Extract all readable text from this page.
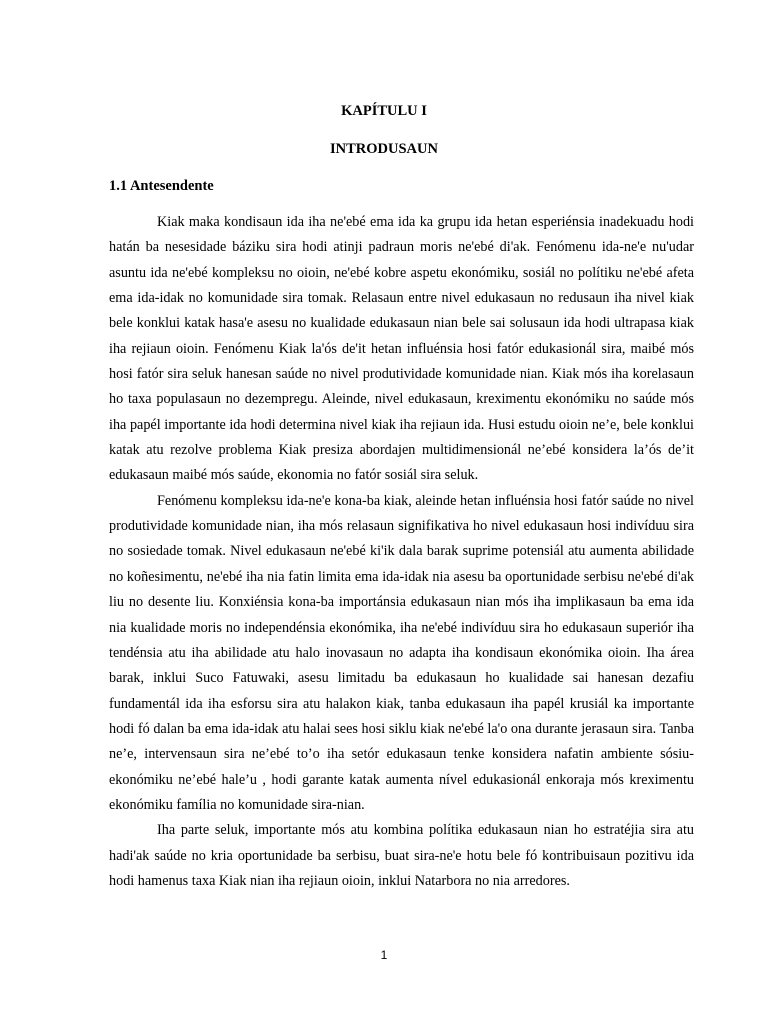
KAPÍTULU I
INTRODUSAUN
1.1 Antesendente

Kiak maka kondisaun ida iha ne'ebé ema ida ka grupu ida hetan esperiénsia inadekuadu hodi hatán ba nesesidade báziku sira hodi atinji padraun moris ne'ebé di'ak. Fenómenu ida-ne'e nu'udar asuntu ida ne'ebé kompleksu no oioin, ne'ebé kobre aspetu ekonómiku, sosiál no polítiku ne'ebé afeta ema ida-idak no komunidade sira tomak. Relasaun entre nivel edukasaun no redusaun iha nivel kiak bele konklui katak hasa'e asesu no kualidade edukasaun nian bele sai solusaun ida hodi ultrapasa kiak iha rejiaun oioin. Fenómenu Kiak la'ós de'it hetan influénsia hosi fatór edukasionál sira, maibé mós hosi fatór sira seluk hanesan saúde no nivel produtividade komunidade nian. Kiak mós iha korelasaun ho taxa populasaun no dezempregu. Aleinde, nivel edukasaun, kreximentu ekonómiku no saúde mós iha papél importante ida hodi determina nivel kiak iha rejiaun ida. Husi estudu oioin ne’e, bele konklui katak atu rezolve problema Kiak presiza abordajen multidimensionál ne’ebé konsidera la’ós de’it edukasaun maibé mós saúde, ekonomia no fatór sosiál sira seluk.

Fenómenu kompleksu ida-ne'e kona-ba kiak, aleinde hetan influénsia hosi fatór saúde no nivel produtividade komunidade nian, iha mós relasaun signifikativa ho nivel edukasaun hosi indivíduu sira no sosiedade tomak. Nivel edukasaun ne'ebé ki'ik dala barak suprime potensiál atu aumenta abilidade no koñesimentu, ne'ebé iha nia fatin limita ema ida-idak nia asesu ba oportunidade serbisu ne'ebé di'ak liu no desente liu. Konxiénsia kona-ba importánsia edukasaun nian mós iha implikasaun ba ema ida nia kualidade moris no independénsia ekonómika, iha ne'ebé indivíduu sira ho edukasaun superiór iha tendénsia atu iha abilidade atu halo inovasaun no adapta iha kondisaun ekonómika oioin. Iha área barak, inklui Suco Fatuwaki, asesu limitadu ba edukasaun ho kualidade sai hanesan dezafiu fundamentál ida iha esforsu sira atu halakon kiak, tanba edukasaun iha papél krusiál ka importante hodi fó dalan ba ema ida-idak atu halai sees hosi siklu kiak ne'ebé la'o ona durante jerasaun sira. Tanba ne’e, intervensaun sira ne’ebé to’o iha setór edukasaun tenke konsidera nafatin ambiente sósiu-ekonómiku ne’ebé hale’u , hodi garante katak aumenta nível edukasionál enkoraja mós kreximentu ekonómiku família no komunidade sira-nian.

Iha parte seluk, importante mós atu kombina polítika edukasaun nian ho estratéjia sira atu hadi'ak saúde no kria oportunidade ba serbisu, buat sira-ne'e hotu bele fó kontribuisaun pozitivu ida hodi hamenus taxa Kiak nian iha rejiaun oioin, inklui Natarbora no nia arredores.

1
